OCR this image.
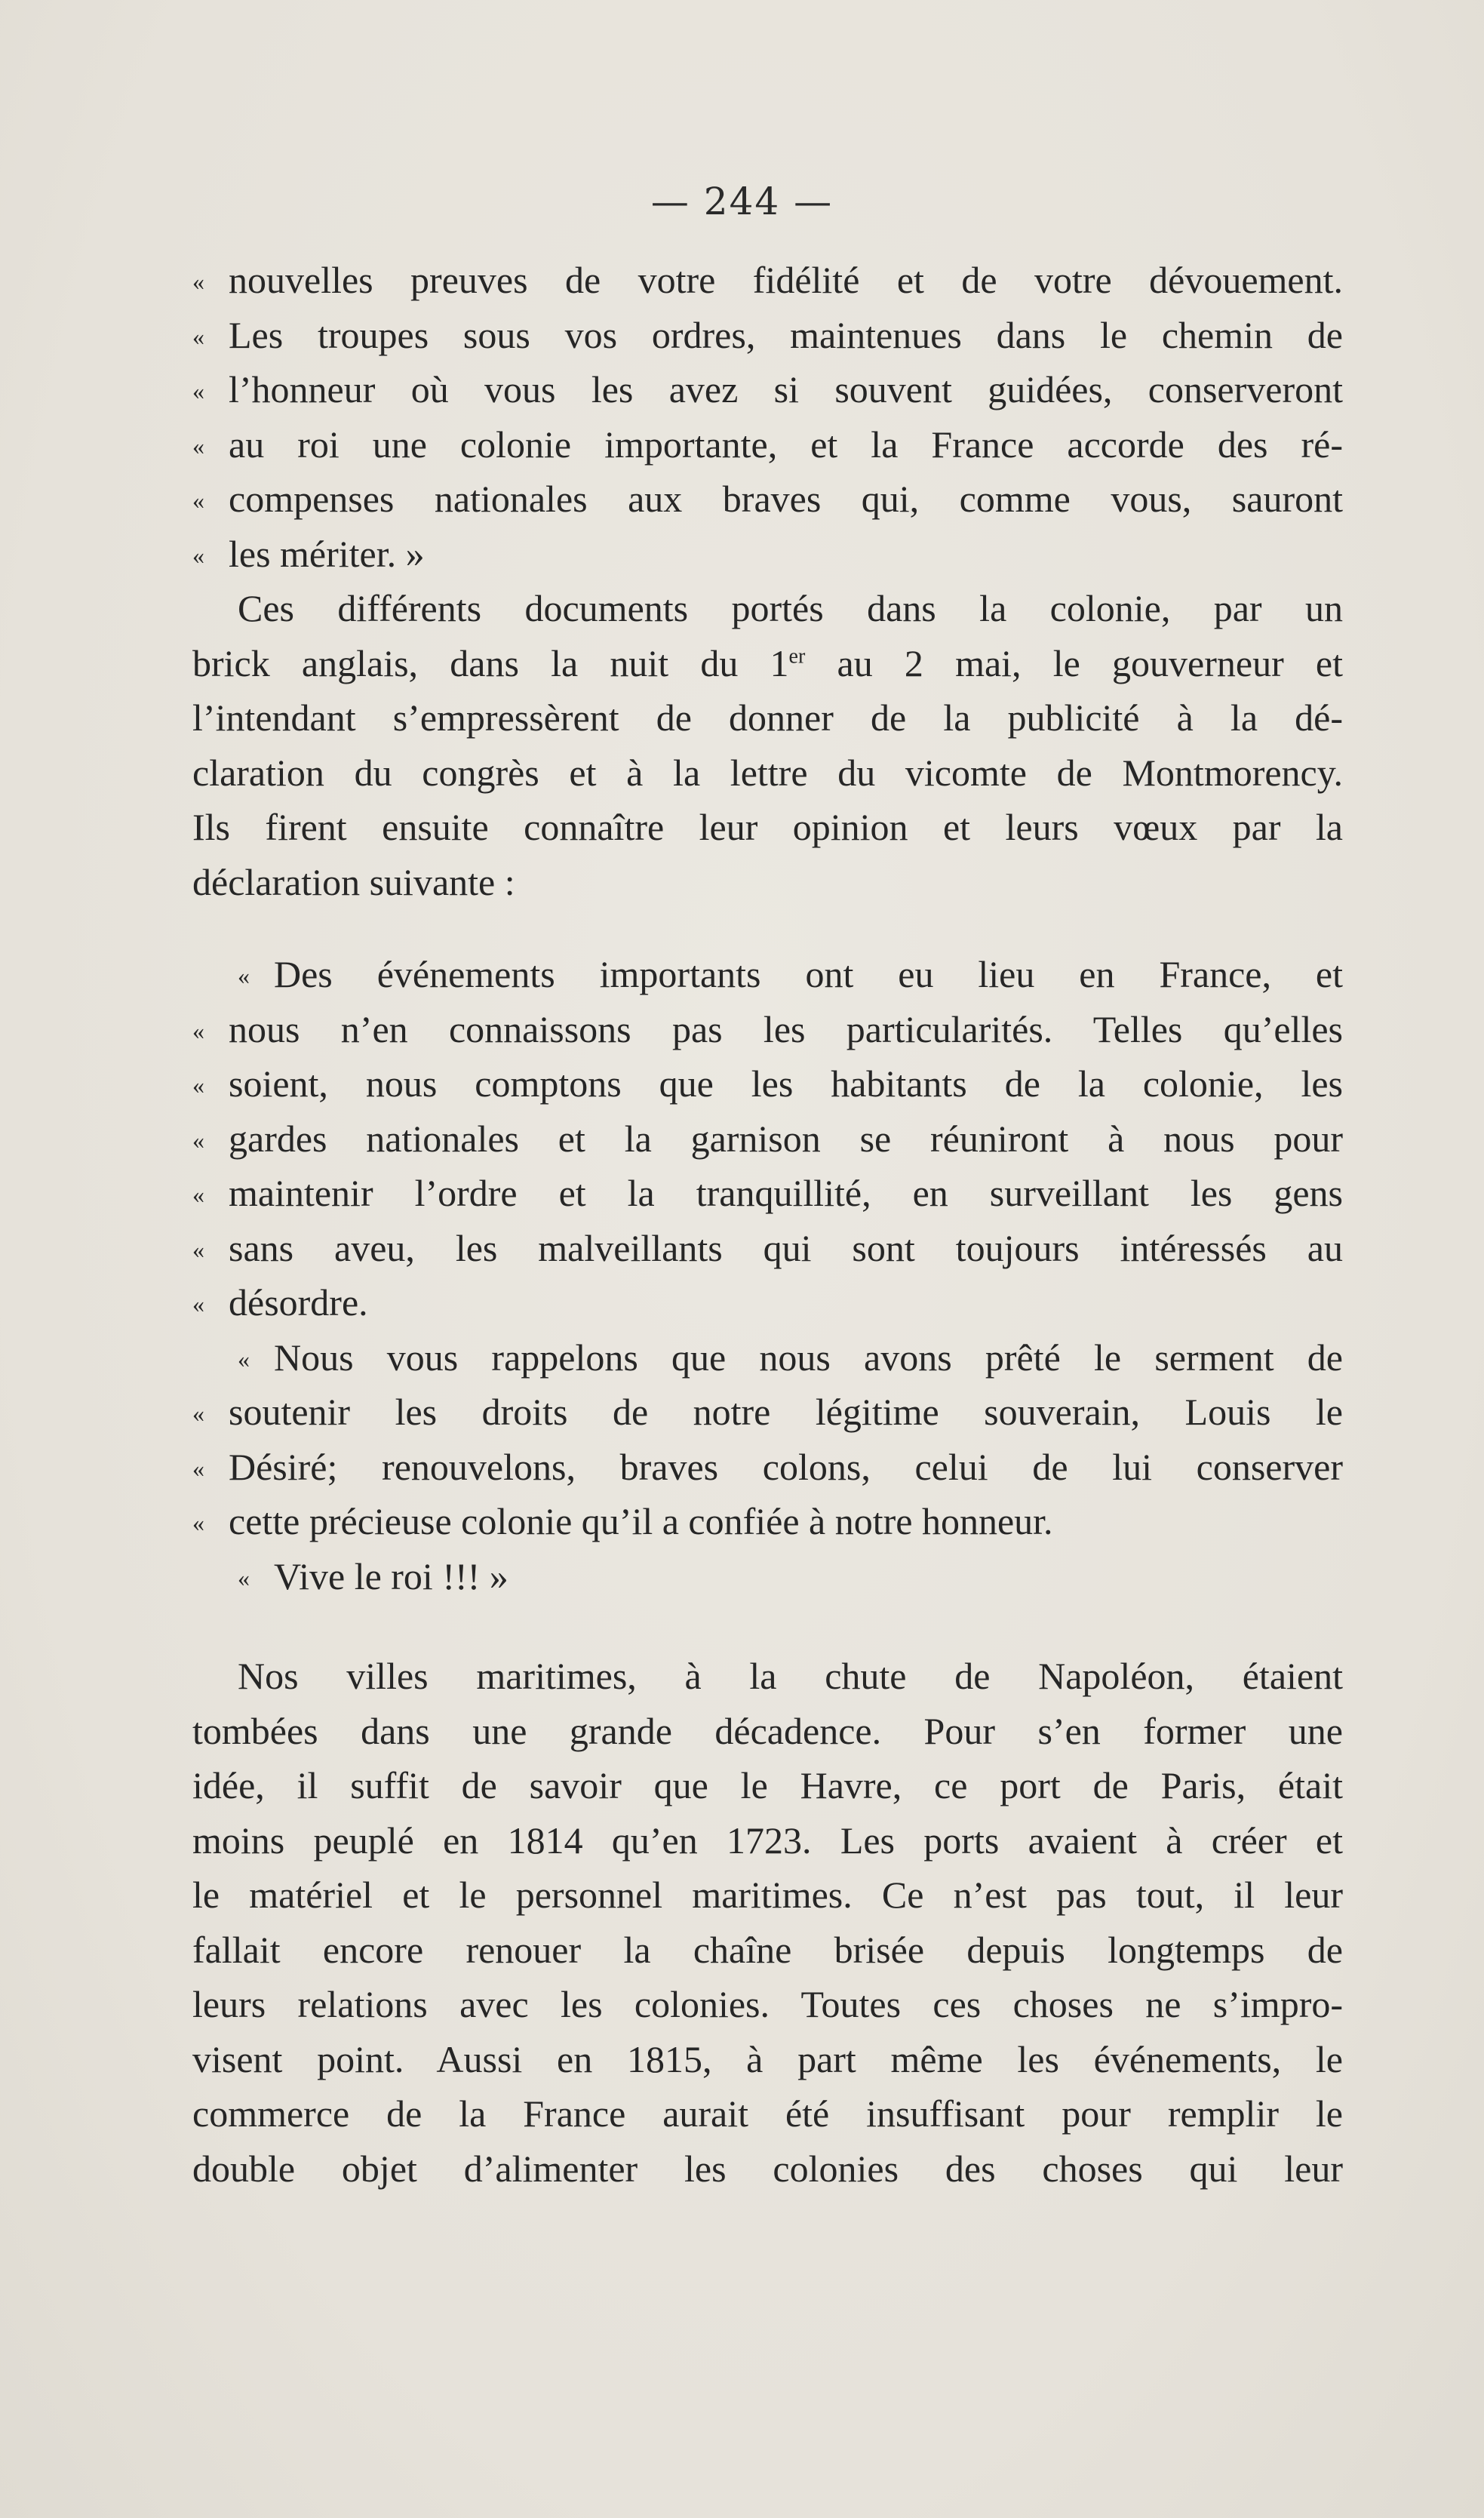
— 244 —
« nouvelles preuves de votre fidélité et de votre dévouement.
« Les troupes sous vos ordres, maintenues dans le chemin de
« l’honneur où vous les avez si souvent guidées, conserveront
« au roi une colonie importante, et la France accorde des ré-
« compenses nationales aux braves qui, comme vous, sauront
« les mériter. »
Ces différents documents portés dans la colonie, par un
brick anglais, dans la nuit du 1er au 2 mai, le gouverneur et
l’intendant s’empressèrent de donner de la publicité à la dé-
claration du congrès et à la lettre du vicomte de Montmorency.
Ils firent ensuite connaître leur opinion et leurs vœux par la
déclaration suivante :
« Des événements importants ont eu lieu en France, et
« nous n’en connaissons pas les particularités. Telles qu’elles
« soient, nous comptons que les habitants de la colonie, les
« gardes nationales et la garnison se réuniront à nous pour
« maintenir l’ordre et la tranquillité, en surveillant les gens
« sans aveu, les malveillants qui sont toujours intéressés au
« désordre.
« Nous vous rappelons que nous avons prêté le serment de
« soutenir les droits de notre légitime souverain, Louis le
« Désiré; renouvelons, braves colons, celui de lui conserver
« cette précieuse colonie qu’il a confiée à notre honneur.
« Vive le roi !!! »
Nos villes maritimes, à la chute de Napoléon, étaient
tombées dans une grande décadence. Pour s’en former une
idée, il suffit de savoir que le Havre, ce port de Paris, était
moins peuplé en 1814 qu’en 1723. Les ports avaient à créer et
le matériel et le personnel maritimes. Ce n’est pas tout, il leur
fallait encore renouer la chaîne brisée depuis longtemps de
leurs relations avec les colonies. Toutes ces choses ne s’impro-
visent point. Aussi en 1815, à part même les événements, le
commerce de la France aurait été insuffisant pour remplir le
double objet d’alimenter les colonies des choses qui leur
